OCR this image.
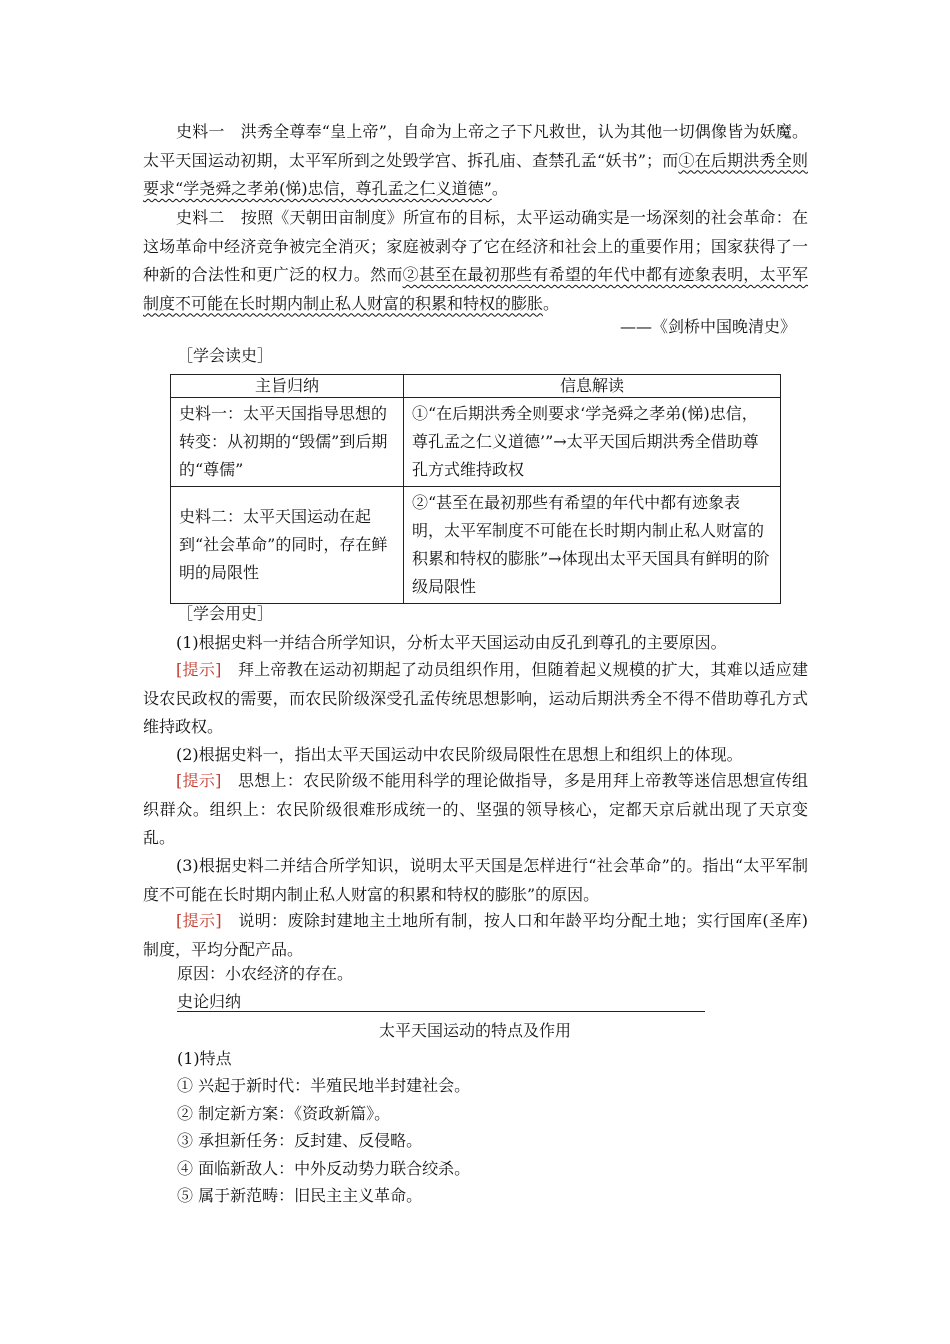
史料一　 洪秀全尊奉“皇上帝”，自命为上帝之子下凡救世，认为其他一切偶像皆为妖魔。太平天国运动初期，太平军所到之处毁学宫、拆孔庙、查禁孔孟“妖书”；而①在后期洪秀全则要求“学尧舜之孝弟(悌)忠信，尊孔孟之仁义道德”。

史料二　 按照《天朝田亩制度》所宣布的目标，太平运动确实是一场深刻的社会革命：在这场革命中经济竞争被完全消灭；家庭被剥夺了它在经济和社会上的重要作用；国家获得了一种新的合法性和更广泛的权力。然而②甚至在最初那些有希望的年代中都有迹象表明，太平军制度不可能在长时期内制止私人财富的积累和特权的膨胀。

——《剑桥中国晚清史》
［学会读史］
主旨归纳	信息解读
史料一：太平天国指导思想的转变：从初期的“毁儒”到后期的“尊儒”	①“在后期洪秀全则要求‘学尧舜之孝弟(悌)忠信，尊孔孟之仁义道德’”→太平天国后期洪秀全借助尊孔方式维持政权
史料二：太平天国运动在起到“社会革命”的同时，存在鲜明的局限性	②“甚至在最初那些有希望的年代中都有迹象表明，太平军制度不可能在长时期内制止私人财富的积累和特权的膨胀”→体现出太平天国具有鲜明的阶级局限性
［学会用史］

(1)根据史料一并结合所学知识，分析太平天国运动由反孔到尊孔的主要原因。

[提示]　 拜上帝教在运动初期起了动员组织作用，但随着起义规模的扩大，其难以适应建设农民政权的需要，而农民阶级深受孔孟传统思想影响，运动后期洪秀全不得不借助尊孔方式维持政权。

(2)根据史料一，指出太平天国运动中农民阶级局限性在思想上和组织上的体现。

[提示]　 思想上：农民阶级不能用科学的理论做指导，多是用拜上帝教等迷信思想宣传组织群众。组织上：农民阶级很难形成统一的、坚强的领导核心，定都天京后就出现了天京变乱。

(3)根据史料二并结合所学知识，说明太平天国是怎样进行“社会革命”的。指出“太平军制度不可能在长时期内制止私人财富的积累和特权的膨胀”的原因。

[提示]　 说明：废除封建地主土地所有制，按人口和年龄平均分配土地；实行国库(圣库)制度，平均分配产品。

原因：小农经济的存在。
史论归纳
太平天国运动的特点及作用
(1)特点
① 兴起于新时代：半殖民地半封建社会。
② 制定新方案：《资政新篇》。
③ 承担新任务：反封建、反侵略。
④ 面临新敌人：中外反动势力联合绞杀。
⑤ 属于新范畴：旧民主主义革命。
